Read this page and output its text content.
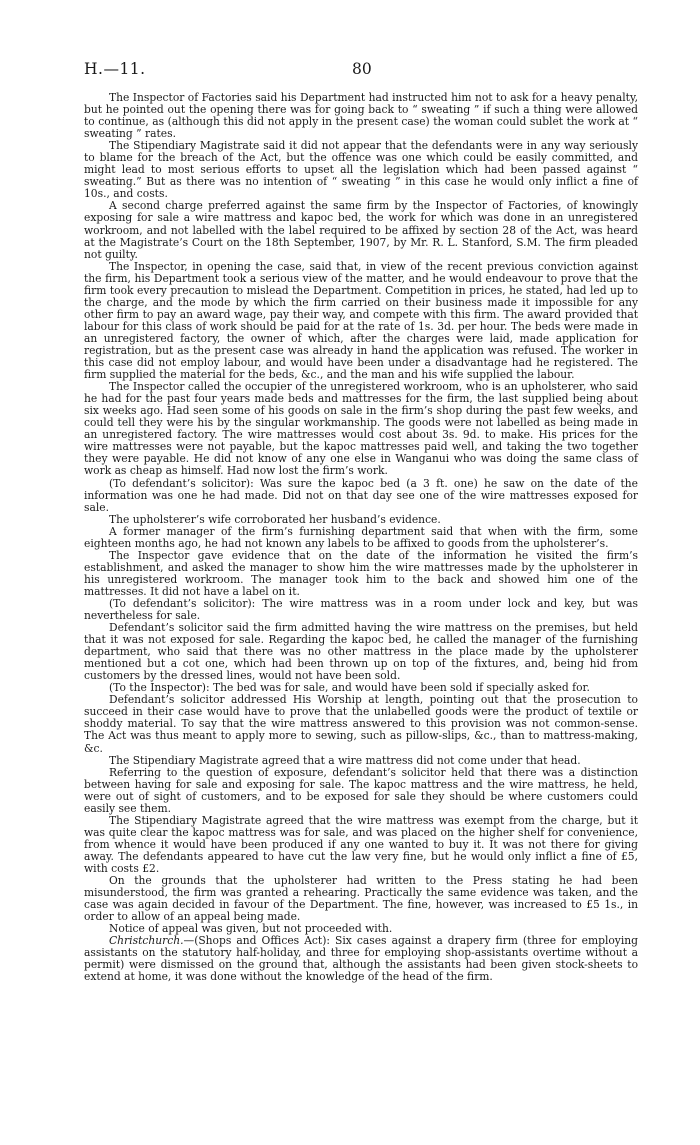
H.—11.	80

The Inspector of Factories said his Department had instructed him not to ask for a heavy penalty, but he pointed out the opening there was for going back to “ sweating ” if such a thing were allowed to continue, as (although this did not apply in the present case) the woman could sublet the work at “ sweating ” rates.

The Stipendiary Magistrate said it did not appear that the defendants were in any way seriously to blame for the breach of the Act, but the offence was one which could be easily committed, and might lead to most serious efforts to upset all the legislation which had been passed against “ sweating.” But as there was no intention of “ sweating ” in this case he would only inflict a fine of 10s., and costs.

A second charge preferred against the same firm by the Inspector of Factories, of knowingly exposing for sale a wire mattress and kapoc bed, the work for which was done in an unregistered workroom, and not labelled with the label required to be affixed by section 28 of the Act, was heard at the Magistrate’s Court on the 18th September, 1907, by Mr. R. L. Stanford, S.M. The firm pleaded not guilty.

The Inspector, in opening the case, said that, in view of the recent previous conviction against the firm, his Department took a serious view of the matter, and he would endeavour to prove that the firm took every precaution to mislead the Department. Competition in prices, he stated, had led up to the charge, and the mode by which the firm carried on their business made it impossible for any other firm to pay an award wage, pay their way, and compete with this firm. The award provided that labour for this class of work should be paid for at the rate of 1s. 3d. per hour. The beds were made in an unregistered factory, the owner of which, after the charges were laid, made application for registration, but as the present case was already in hand the application was refused. The worker in this case did not employ labour, and would have been under a disadvantage had he registered. The firm supplied the material for the beds, &c., and the man and his wife supplied the labour.

The Inspector called the occupier of the unregistered workroom, who is an upholsterer, who said he had for the past four years made beds and mattresses for the firm, the last supplied being about six weeks ago. Had seen some of his goods on sale in the firm’s shop during the past few weeks, and could tell they were his by the singular workmanship. The goods were not labelled as being made in an unregistered factory. The wire mattresses would cost about 3s. 9d. to make. His prices for the wire mattresses were not payable, but the kapoc mattresses paid well, and taking the two together they were payable. He did not know of any one else in Wanganui who was doing the same class of work as cheap as himself. Had now lost the firm’s work.

(To defendant’s solicitor): Was sure the kapoc bed (a 3 ft. one) he saw on the date of the information was one he had made. Did not on that day see one of the wire mattresses exposed for sale.

The upholsterer’s wife corroborated her husband’s evidence.

A former manager of the firm’s furnishing department said that when with the firm, some eighteen months ago, he had not known any labels to be affixed to goods from the upholsterer’s.

The Inspector gave evidence that on the date of the information he visited the firm’s establishment, and asked the manager to show him the wire mattresses made by the upholsterer in his unregistered workroom. The manager took him to the back and showed him one of the mattresses. It did not have a label on it.

(To defendant’s solicitor): The wire mattress was in a room under lock and key, but was nevertheless for sale.

Defendant’s solicitor said the firm admitted having the wire mattress on the premises, but held that it was not exposed for sale. Regarding the kapoc bed, he called the manager of the furnishing department, who said that there was no other mattress in the place made by the upholsterer mentioned but a cot one, which had been thrown up on top of the fixtures, and, being hid from customers by the dressed lines, would not have been sold.

(To the Inspector): The bed was for sale, and would have been sold if specially asked for.

Defendant’s solicitor addressed His Worship at length, pointing out that the prosecution to succeed in their case would have to prove that the unlabelled goods were the product of textile or shoddy material. To say that the wire mattress answered to this provision was not common-sense. The Act was thus meant to apply more to sewing, such as pillow-slips, &c., than to mattress-making, &c.

The Stipendiary Magistrate agreed that a wire mattress did not come under that head.

Referring to the question of exposure, defendant’s solicitor held that there was a distinction between having for sale and exposing for sale. The kapoc mattress and the wire mattress, he held, were out of sight of customers, and to be exposed for sale they should be where customers could easily see them.

The Stipendiary Magistrate agreed that the wire mattress was exempt from the charge, but it was quite clear the kapoc mattress was for sale, and was placed on the higher shelf for convenience, from whence it would have been produced if any one wanted to buy it. It was not there for giving away. The defendants appeared to have cut the law very fine, but he would only inflict a fine of £5, with costs £2.

On the grounds that the upholsterer had written to the Press stating he had been misunderstood, the firm was granted a rehearing. Practically the same evidence was taken, and the case was again decided in favour of the Department. The fine, however, was increased to £5 1s., in order to allow of an appeal being made.

Notice of appeal was given, but not proceeded with.

Christchurch.—(Shops and Offices Act): Six cases against a drapery firm (three for employing assistants on the statutory half-holiday, and three for employing shop-assistants overtime without a permit) were dismissed on the ground that, although the assistants had been given stock-sheets to extend at home, it was done without the knowledge of the head of the firm.
